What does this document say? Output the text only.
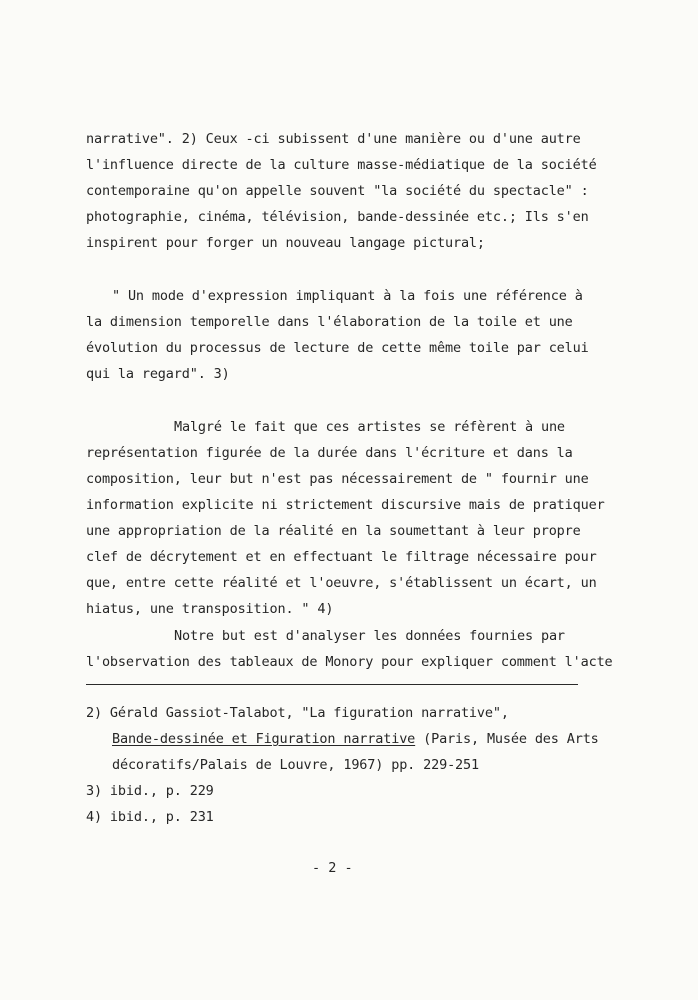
narrative". 2) Ceux -ci subissent d'une manière ou d'une autre
l'influence directe de la culture masse-médiatique de la société
contemporaine qu'on appelle souvent "la société du spectacle" :
photographie, cinéma, télévision, bande-dessinée etc.; Ils s'en
inspirent pour forger un nouveau langage pictural;
" Un mode d'expression impliquant à la fois une référence à
la dimension temporelle dans l'élaboration de la toile et une
évolution du processus de lecture de cette même toile par celui
qui la regard". 3)
Malgré le fait que ces artistes se réfèrent à une
représentation figurée de la durée dans l'écriture et dans la
composition, leur but n'est pas nécessairement de " fournir une
information explicite ni strictement discursive mais de pratiquer
une appropriation de la réalité en la soumettant à leur propre
clef de décrytement et en effectuant le filtrage nécessaire pour
que, entre cette réalité et l'oeuvre, s'établissent un écart, un
hiatus, une transposition. " 4)
Notre but est d'analyser les données fournies par
l'observation des tableaux de Monory pour expliquer comment l'acte
2) Gérald Gassiot-Talabot, "La figuration narrative",
Bande-dessinée et Figuration narrative (Paris, Musée des Arts
décoratifs/Palais de Louvre, 1967) pp. 229-251
3) ibid., p. 229
4) ibid., p. 231
- 2 -
